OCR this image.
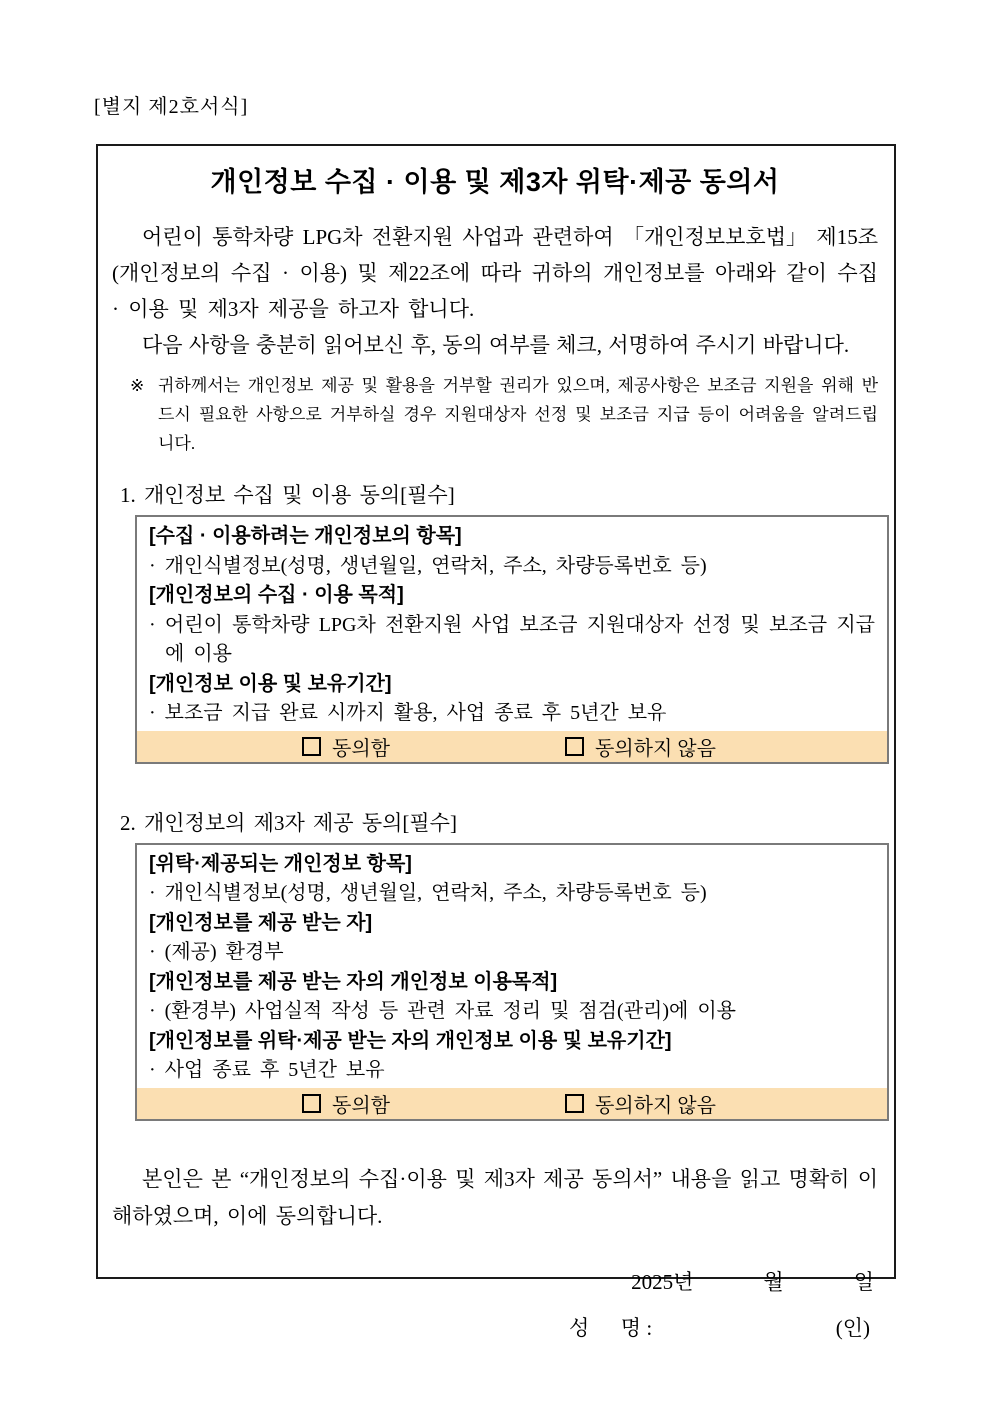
[별지 제2호서식]
개인정보 수집 · 이용 및 제3자 위탁·제공 동의서
어린이 통학차량 LPG차 전환지원 사업과 관련하여 「개인정보보호법」 제15조(개인정보의 수집 · 이용) 및 제22조에 따라 귀하의 개인정보를 아래와 같이 수집 · 이용 및 제3자 제공을 하고자 합니다.
다음 사항을 충분히 읽어보신 후, 동의 여부를 체크, 서명하여 주시기 바랍니다.
※ 귀하께서는 개인정보 제공 및 활용을 거부할 권리가 있으며, 제공사항은 보조금 지원을 위해 반드시 필요한 사항으로 거부하실 경우 지원대상자 선정 및 보조금 지급 등이 어려움을 알려드립니다.
1. 개인정보 수집 및 이용 동의[필수]
[수집 · 이용하려는 개인정보의 항목]
· 개인식별정보(성명, 생년월일, 연락처, 주소, 차량등록번호 등)
[개인정보의 수집 · 이용 목적]
· 어린이 통학차량 LPG차 전환지원 사업 보조금 지원대상자 선정 및 보조금 지급에 이용
[개인정보 이용 및 보유기간]
· 보조금 지급 완료 시까지 활용, 사업 종료 후 5년간 보유
동의함	동의하지 않음
2. 개인정보의 제3자 제공 동의[필수]
[위탁·제공되는 개인정보 항목]
· 개인식별정보(성명, 생년월일, 연락처, 주소, 차량등록번호 등)
[개인정보를 제공 받는 자]
· (제공) 환경부
[개인정보를 제공 받는 자의 개인정보 이용목적]
· (환경부) 사업실적 작성 등 관련 자료 정리 및 점검(관리)에 이용
[개인정보를 위탁·제공 받는 자의 개인정보 이용 및 보유기간]
· 사업 종료 후 5년간 보유
동의함	동의하지 않음
본인은 본 “개인정보의 수집·이용 및 제3자 제공 동의서” 내용을 읽고 명확히 이해하였으며, 이에 동의합니다.
2025년	월	일
성 　 명 :	(인)
